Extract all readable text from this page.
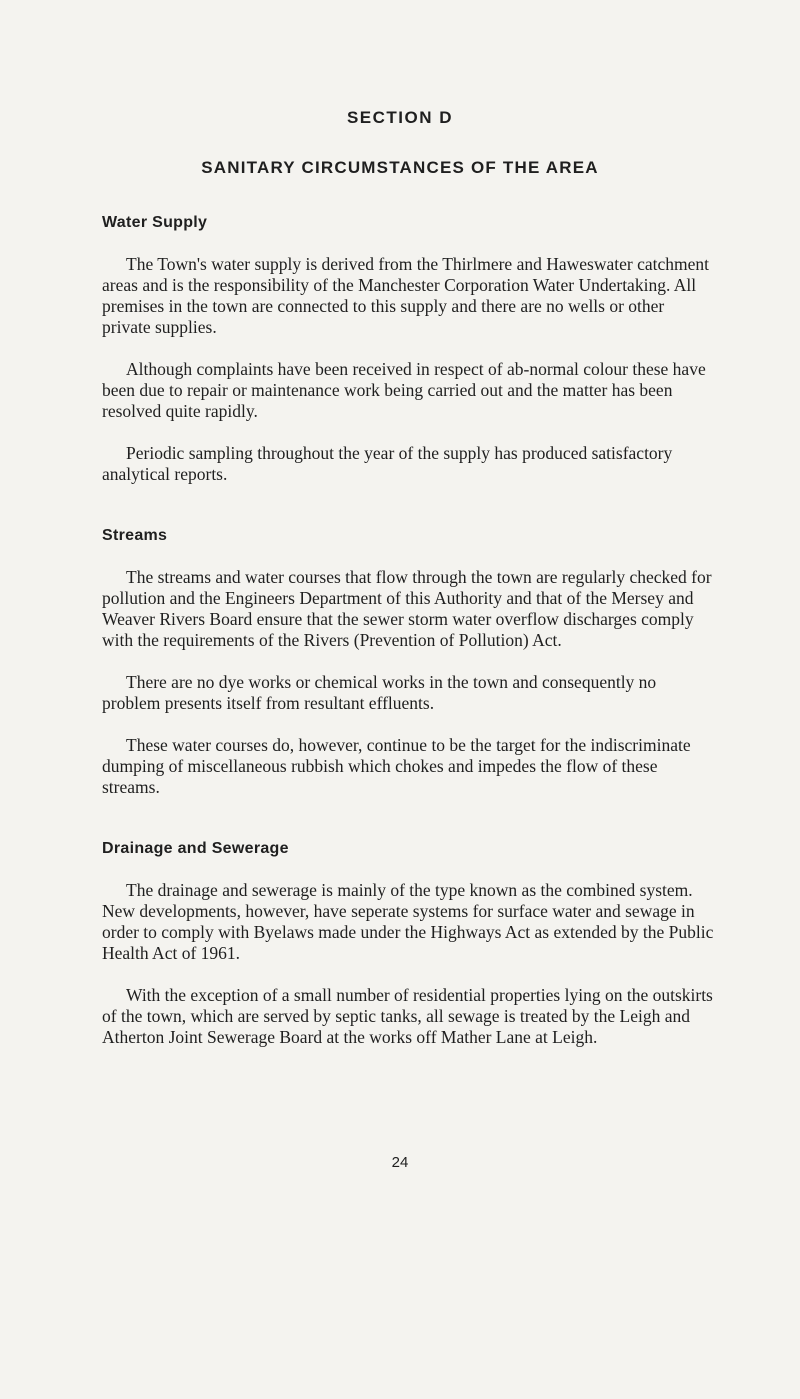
SECTION D
SANITARY CIRCUMSTANCES OF THE AREA
Water Supply

The Town's water supply is derived from the Thirlmere and Haweswater catchment areas and is the responsibility of the Manchester Corporation Water Undertaking. All premises in the town are connected to this supply and there are no wells or other private supplies.

Although complaints have been received in respect of ab-normal colour these have been due to repair or maintenance work being carried out and the matter has been resolved quite rapidly.

Periodic sampling throughout the year of the supply has produced satisfactory analytical reports.

Streams

The streams and water courses that flow through the town are regularly checked for pollution and the Engineers Department of this Authority and that of the Mersey and Weaver Rivers Board ensure that the sewer storm water overflow discharges comply with the requirements of the Rivers (Prevention of Pollution) Act.

There are no dye works or chemical works in the town and consequently no problem presents itself from resultant effluents.

These water courses do, however, continue to be the target for the indiscriminate dumping of miscellaneous rubbish which chokes and impedes the flow of these streams.

Drainage and Sewerage

The drainage and sewerage is mainly of the type known as the combined system. New developments, however, have seperate systems for surface water and sewage in order to comply with Byelaws made under the Highways Act as extended by the Public Health Act of 1961.

With the exception of a small number of residential properties lying on the outskirts of the town, which are served by septic tanks, all sewage is treated by the Leigh and Atherton Joint Sewerage Board at the works off Mather Lane at Leigh.

24
